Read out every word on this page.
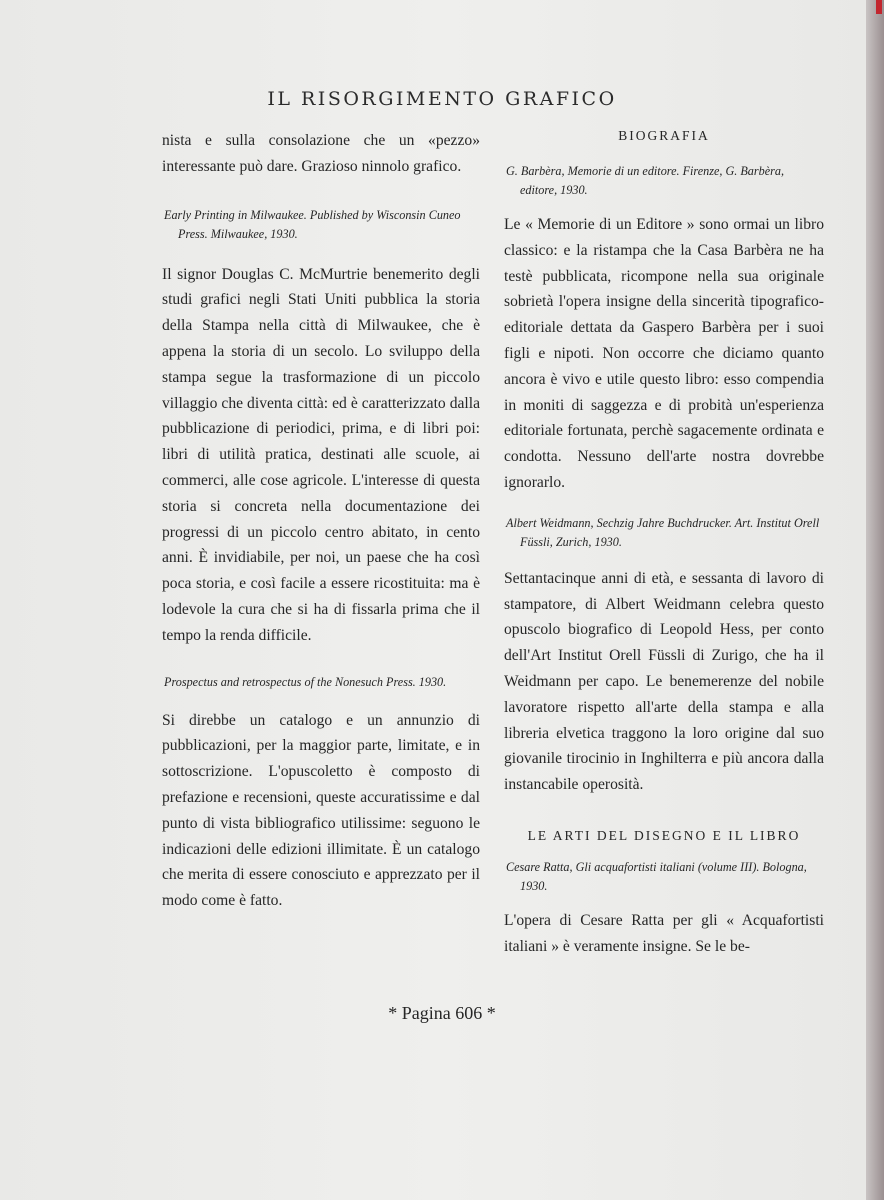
IL RISORGIMENTO GRAFICO

nista e sulla consolazione che un «pezzo» interessante può dare. Grazioso ninnolo grafico.

Early Printing in Milwaukee. Published by Wisconsin Cuneo Press. Milwaukee, 1930.

Il signor Douglas C. McMurtrie benemerito degli studi grafici negli Stati Uniti pubblica la storia della Stampa nella città di Milwaukee, che è appena la storia di un secolo. Lo sviluppo della stampa segue la trasformazione di un piccolo villaggio che diventa città: ed è caratterizzato dalla pubblicazione di periodici, prima, e di libri poi: libri di utilità pratica, destinati alle scuole, ai commerci, alle cose agricole. L'interesse di questa storia si concreta nella documentazione dei progressi di un piccolo centro abitato, in cento anni. È invidiabile, per noi, un paese che ha così poca storia, e così facile a essere ricostituita: ma è lodevole la cura che si ha di fissarla prima che il tempo la renda difficile.

Prospectus and retrospectus of the Nonesuch Press. 1930.

Si direbbe un catalogo e un annunzio di pubblicazioni, per la maggior parte, limitate, e in sottoscrizione. L'opuscoletto è composto di prefazione e recensioni, queste accuratissime e dal punto di vista bibliografico utilissime: seguono le indicazioni delle edizioni illimitate. È un catalogo che merita di essere conosciuto e apprezzato per il modo come è fatto.

BIOGRAFIA

G. Barbèra, Memorie di un editore. Firenze, G. Barbèra, editore, 1930.

Le « Memorie di un Editore » sono ormai un libro classico: e la ristampa che la Casa Barbèra ne ha testè pubblicata, ricompone nella sua originale sobrietà l'opera insigne della sincerità tipografico-editoriale dettata da Gaspero Barbèra per i suoi figli e nipoti. Non occorre che diciamo quanto ancora è vivo e utile questo libro: esso compendia in moniti di saggezza e di probità un'esperienza editoriale fortunata, perchè sagacemente ordinata e condotta. Nessuno dell'arte nostra dovrebbe ignorarlo.

Albert Weidmann, Sechzig Jahre Buchdrucker. Art. Institut Orell Füssli, Zurich, 1930.

Settantacinque anni di età, e sessanta di lavoro di stampatore, di Albert Weidmann celebra questo opuscolo biografico di Leopold Hess, per conto dell'Art Institut Orell Füssli di Zurigo, che ha il Weidmann per capo. Le benemerenze del nobile lavoratore rispetto all'arte della stampa e alla libreria elvetica traggono la loro origine dal suo giovanile tirocinio in Inghilterra e più ancora dalla instancabile operosità.

LE ARTI DEL DISEGNO E IL LIBRO

Cesare Ratta, Gli acquafortisti italiani (volume III). Bologna, 1930.

L'opera di Cesare Ratta per gli « Acquafortisti italiani » è veramente insigne. Se le be-

* Pagina 606 *
